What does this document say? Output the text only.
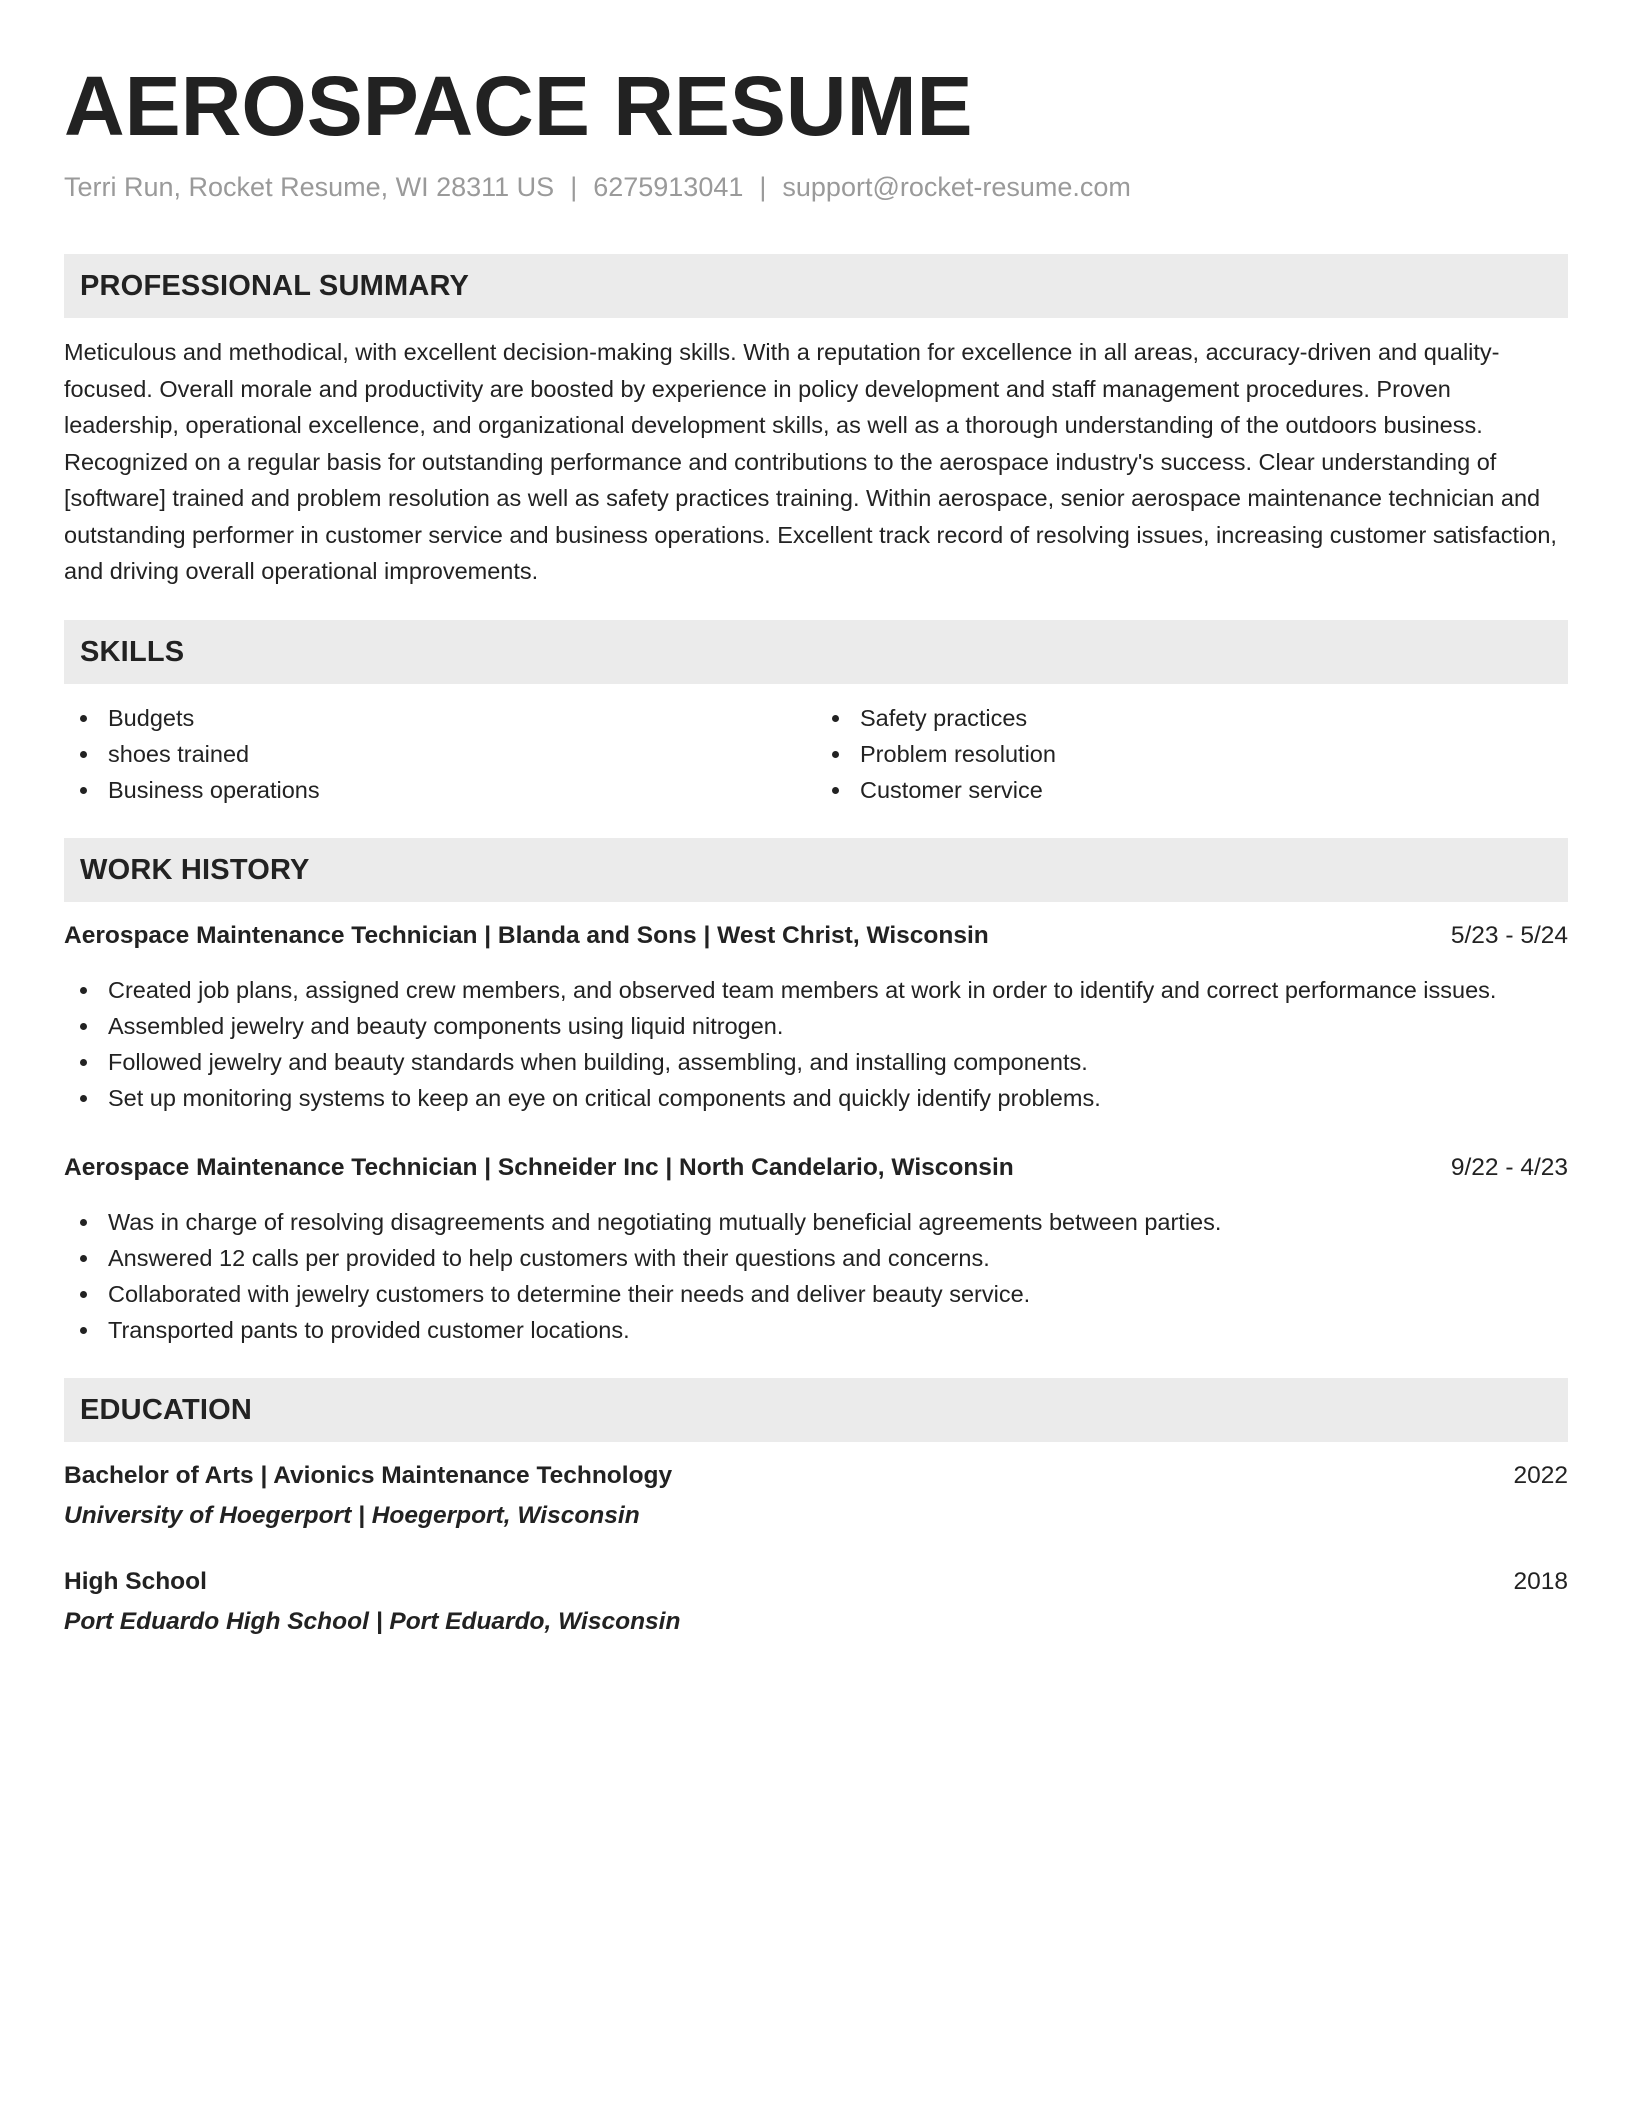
AEROSPACE RESUME
Terri Run, Rocket Resume, WI 28311 US | 6275913041 | support@rocket-resume.com
PROFESSIONAL SUMMARY
Meticulous and methodical, with excellent decision-making skills. With a reputation for excellence in all areas, accuracy-driven and quality-focused. Overall morale and productivity are boosted by experience in policy development and staff management procedures. Proven leadership, operational excellence, and organizational development skills, as well as a thorough understanding of the outdoors business. Recognized on a regular basis for outstanding performance and contributions to the aerospace industry's success. Clear understanding of [software] trained and problem resolution as well as safety practices training. Within aerospace, senior aerospace maintenance technician and outstanding performer in customer service and business operations. Excellent track record of resolving issues, increasing customer satisfaction, and driving overall operational improvements.
SKILLS
Budgets
shoes trained
Business operations
Safety practices
Problem resolution
Customer service
WORK HISTORY
Aerospace Maintenance Technician | Blanda and Sons | West Christ, Wisconsin	5/23 - 5/24
Created job plans, assigned crew members, and observed team members at work in order to identify and correct performance issues.
Assembled jewelry and beauty components using liquid nitrogen.
Followed jewelry and beauty standards when building, assembling, and installing components.
Set up monitoring systems to keep an eye on critical components and quickly identify problems.
Aerospace Maintenance Technician | Schneider Inc | North Candelario, Wisconsin	9/22 - 4/23
Was in charge of resolving disagreements and negotiating mutually beneficial agreements between parties.
Answered 12 calls per provided to help customers with their questions and concerns.
Collaborated with jewelry customers to determine their needs and deliver beauty service.
Transported pants to provided customer locations.
EDUCATION
Bachelor of Arts | Avionics Maintenance Technology	2022
University of Hoegerport | Hoegerport, Wisconsin
High School	2018
Port Eduardo High School | Port Eduardo, Wisconsin
